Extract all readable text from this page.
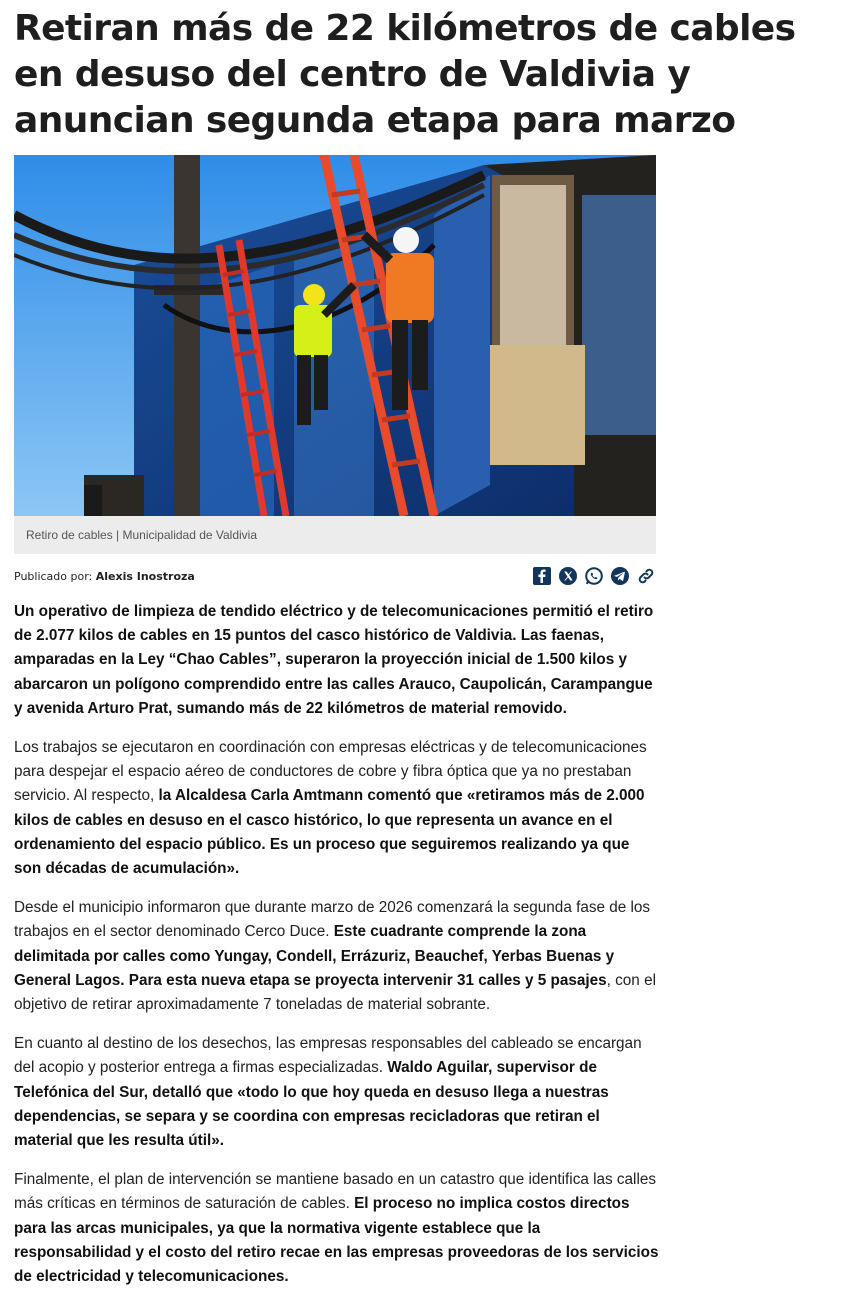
Retiran más de 22 kilómetros de cables en desuso del centro de Valdivia y anuncian segunda etapa para marzo
Retiro de cables | Municipalidad de Valdivia
Publicado por: Alexis Inostroza

Un operativo de limpieza de tendido eléctrico y de telecomunicaciones permitió el retiro de 2.077 kilos de cables en 15 puntos del casco histórico de Valdivia. Las faenas, amparadas en la Ley “Chao Cables”, superaron la proyección inicial de 1.500 kilos y abarcaron un polígono comprendido entre las calles Arauco, Caupolicán, Carampangue y avenida Arturo Prat, sumando más de 22 kilómetros de material removido.

Los trabajos se ejecutaron en coordinación con empresas eléctricas y de telecomunicaciones para despejar el espacio aéreo de conductores de cobre y fibra óptica que ya no prestaban servicio. Al respecto, la Alcaldesa Carla Amtmann comentó que «retiramos más de 2.000 kilos de cables en desuso en el casco histórico, lo que representa un avance en el ordenamiento del espacio público. Es un proceso que seguiremos realizando ya que son décadas de acumulación».

Desde el municipio informaron que durante marzo de 2026 comenzará la segunda fase de los trabajos en el sector denominado Cerco Duce. Este cuadrante comprende la zona delimitada por calles como Yungay, Condell, Errázuriz, Beauchef, Yerbas Buenas y General Lagos. Para esta nueva etapa se proyecta intervenir 31 calles y 5 pasajes, con el objetivo de retirar aproximadamente 7 toneladas de material sobrante.

En cuanto al destino de los desechos, las empresas responsables del cableado se encargan del acopio y posterior entrega a firmas especializadas. Waldo Aguilar, supervisor de Telefónica del Sur, detalló que «todo lo que hoy queda en desuso llega a nuestras dependencias, se separa y se coordina con empresas recicladoras que retiran el material que les resulta útil».

Finalmente, el plan de intervención se mantiene basado en un catastro que identifica las calles más críticas en términos de saturación de cables. El proceso no implica costos directos para las arcas municipales, ya que la normativa vigente establece que la responsabilidad y el costo del retiro recae en las empresas proveedoras de los servicios de electricidad y telecomunicaciones.
